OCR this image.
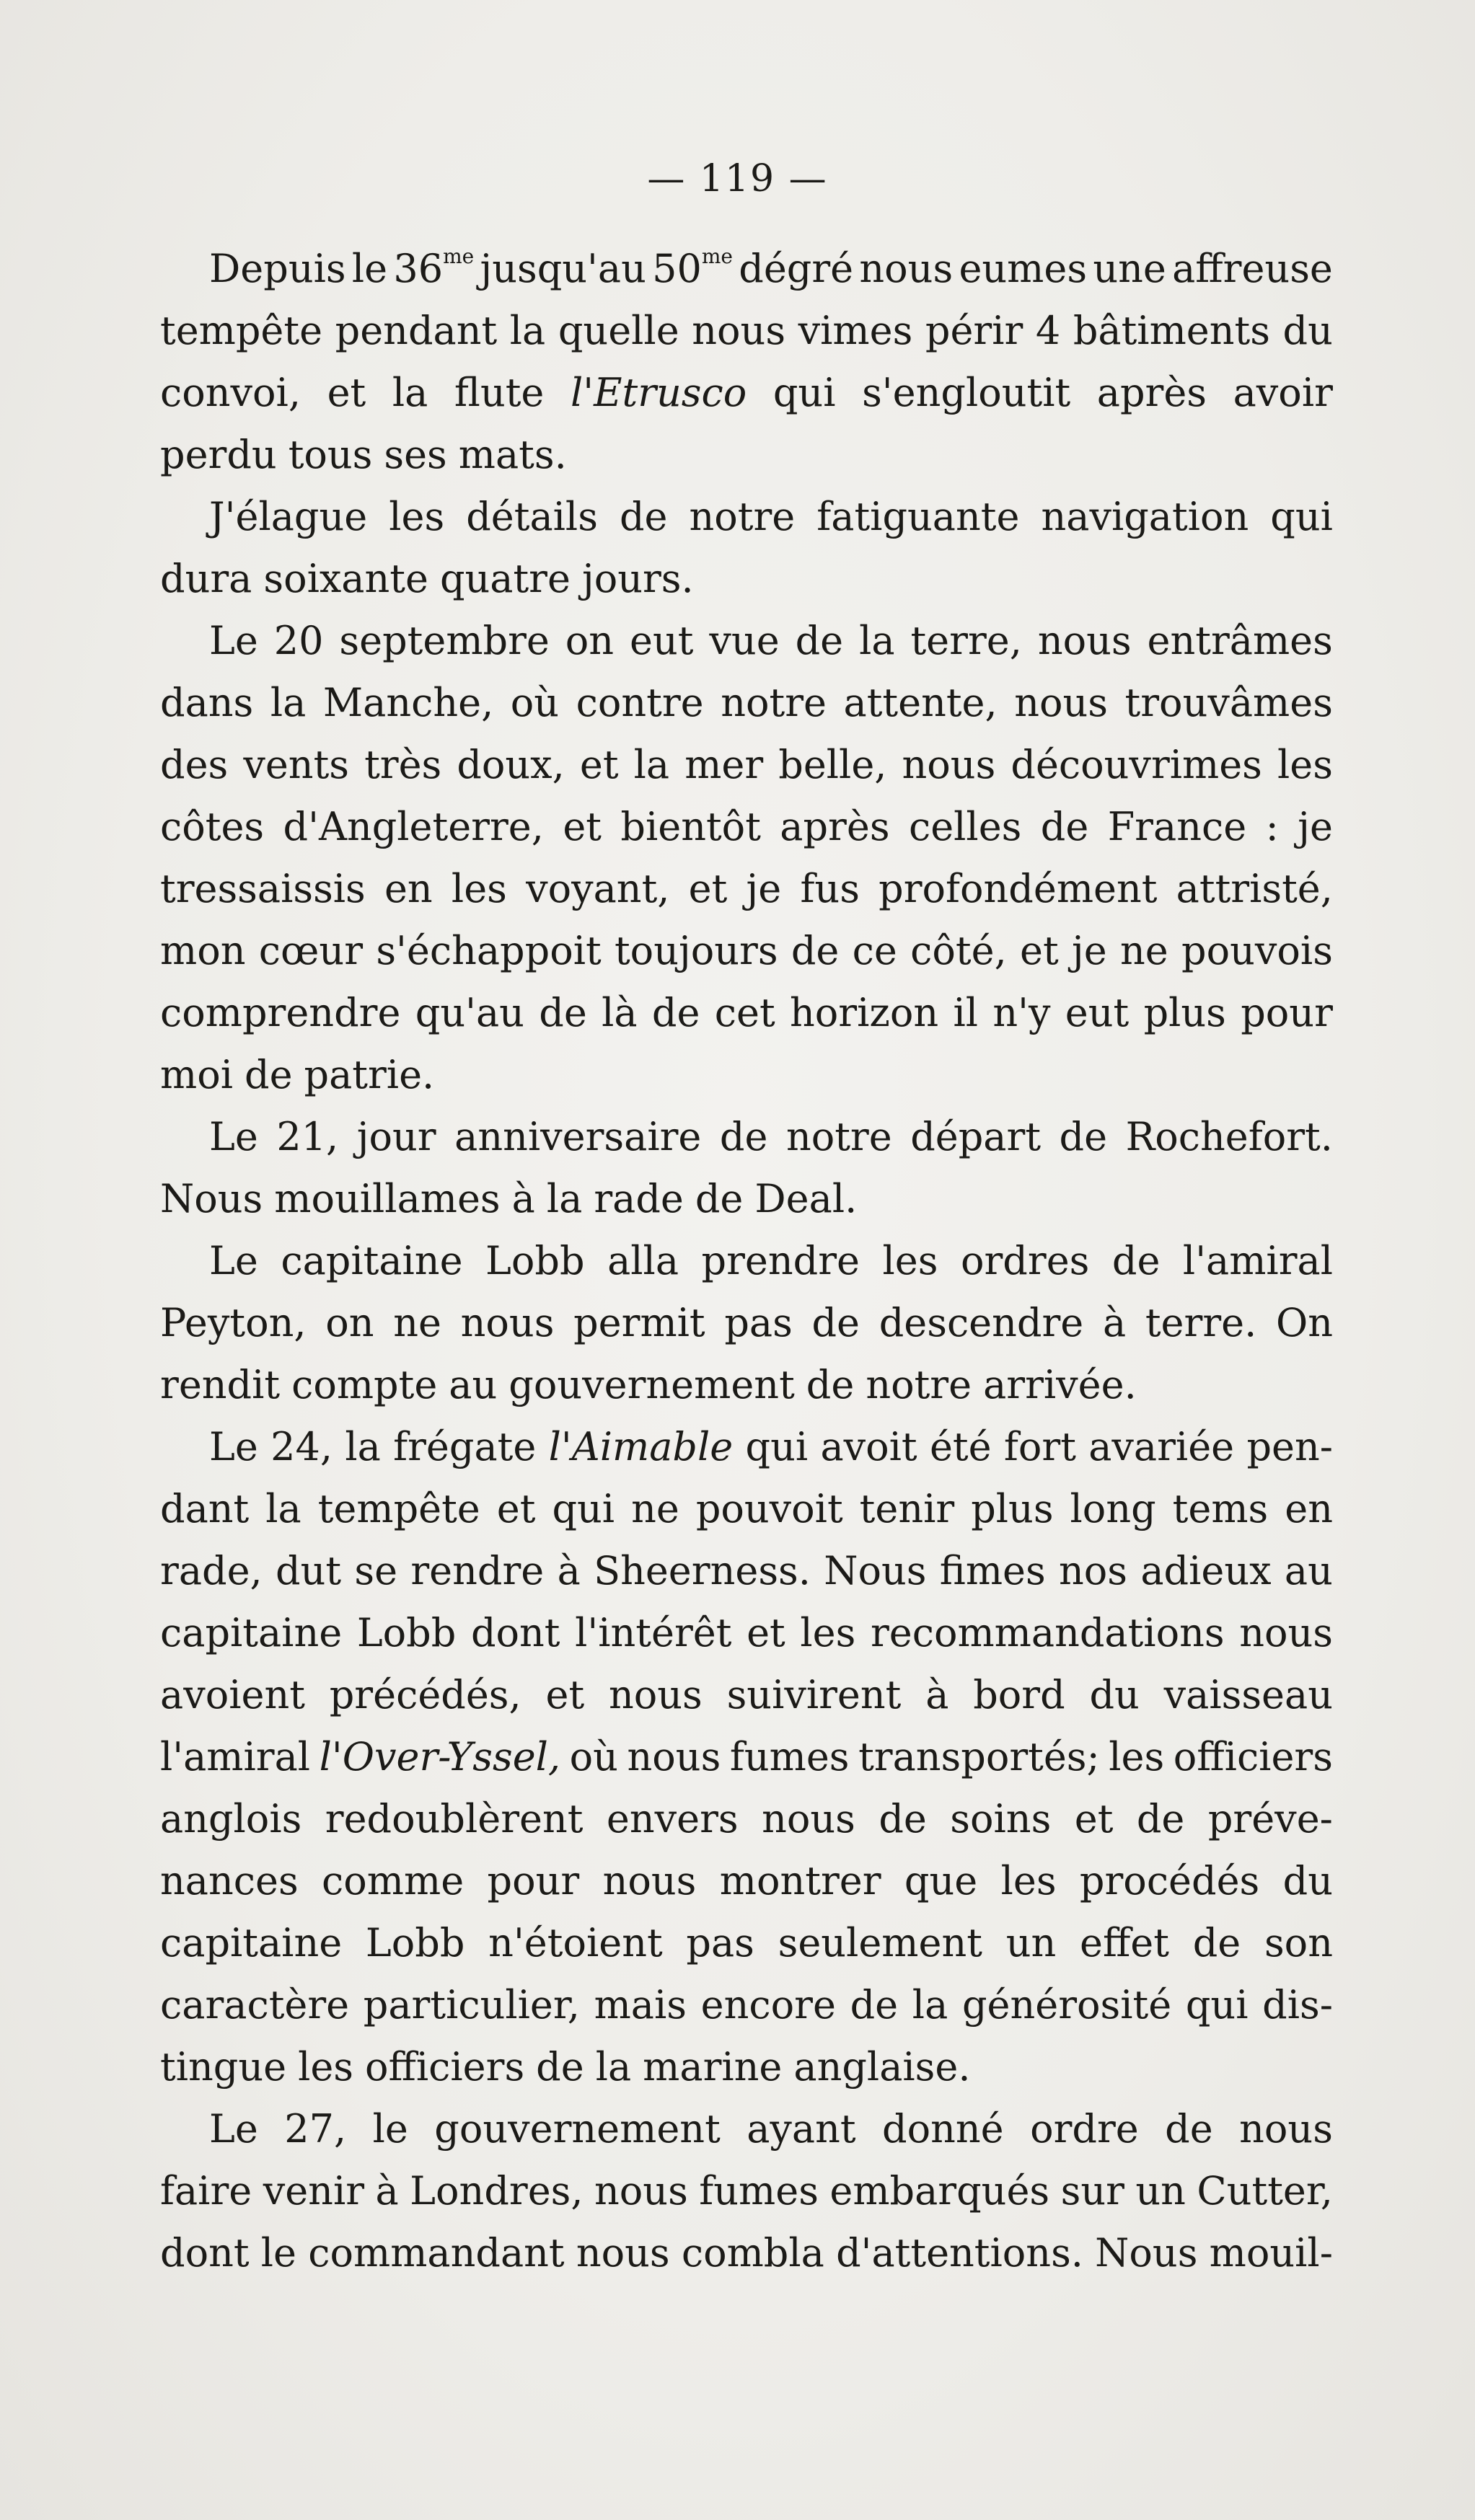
— 119 —
Depuis le $36^{me}$ jusqu'au $50^{me}$ dégré nous eumes une affreuse
tempête pendant la quelle nous vimes périr 4 bâtiments du
convoi, et la flute l'Etrusco qui s'engloutit après avoir
perdu tous ses mats.
J'élague les détails de notre fatiguante navigation qui
dura soixante quatre jours.
Le 20 septembre on eut vue de la terre, nous entrâmes
dans la Manche, où contre notre attente, nous trouvâmes
des vents très doux, et la mer belle, nous découvrimes les
côtes d'Angleterre, et bientôt après celles de France : je
tressaissis en les voyant, et je fus profondément attristé,
mon cœur s'échappoit toujours de ce côté, et je ne pouvois
comprendre qu'au de là de cet horizon il n'y eut plus pour
moi de patrie.
Le 21, jour anniversaire de notre départ de Rochefort.
Nous mouillames à la rade de Deal.
Le capitaine Lobb alla prendre les ordres de l'amiral
Peyton, on ne nous permit pas de descendre à terre. On
rendit compte au gouvernement de notre arrivée.
Le 24, la frégate l'Aimable qui avoit été fort avariée pen-
dant la tempête et qui ne pouvoit tenir plus long tems en
rade, dut se rendre à Sheerness. Nous fimes nos adieux au
capitaine Lobb dont l'intérêt et les recommandations nous
avoient précédés, et nous suivirent à bord du vaisseau
l'amiral l'Over-Yssel, où nous fumes transportés; les officiers
anglois redoublèrent envers nous de soins et de préve-
nances comme pour nous montrer que les procédés du
capitaine Lobb n'étoient pas seulement un effet de son
caractère particulier, mais encore de la générosité qui dis-
tingue les officiers de la marine anglaise.
Le 27, le gouvernement ayant donné ordre de nous
faire venir à Londres, nous fumes embarqués sur un Cutter,
dont le commandant nous combla d'attentions. Nous mouil-
